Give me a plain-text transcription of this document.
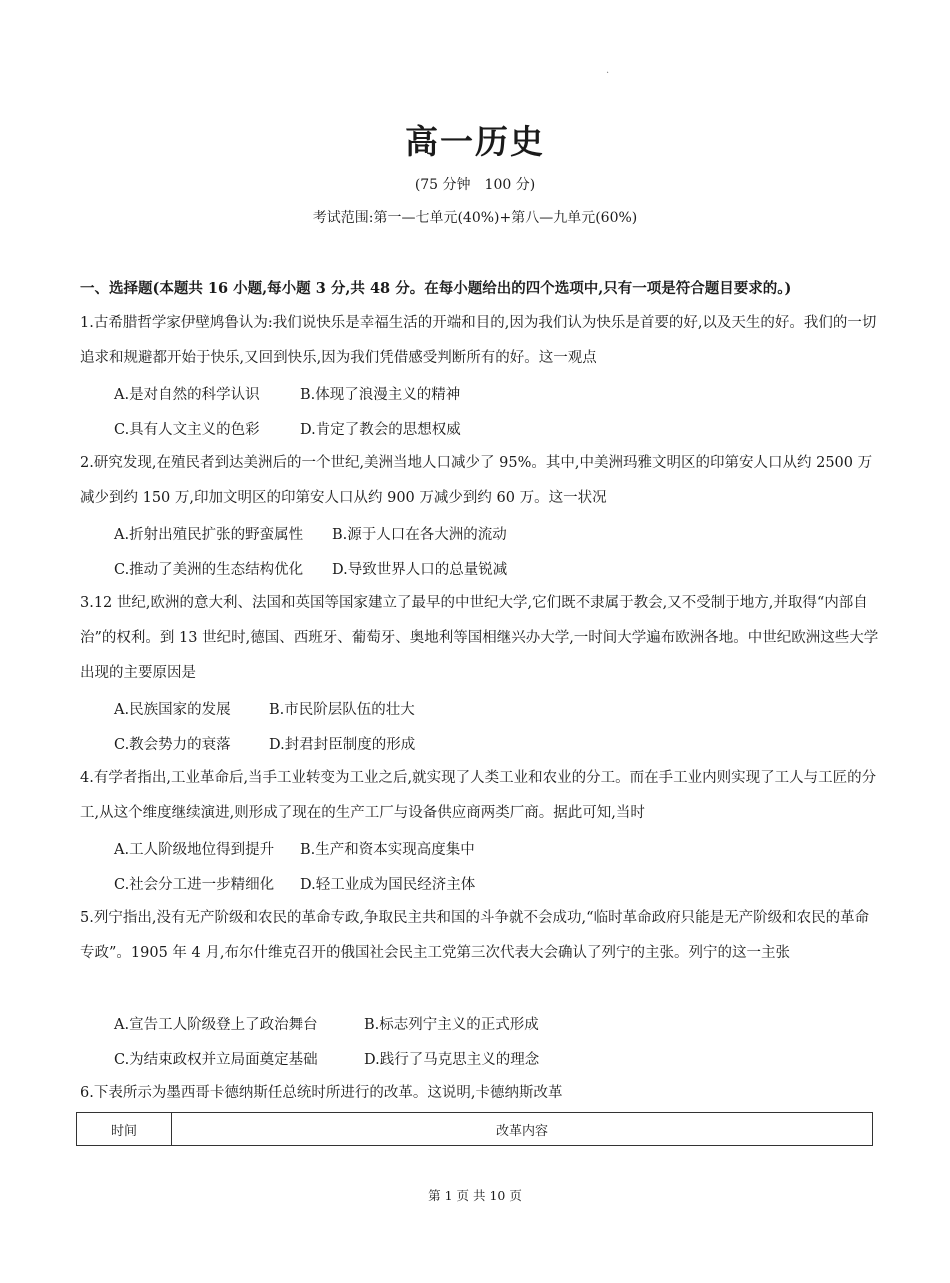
·
高一历史
(75 分钟　100 分)
考试范围:第一—七单元(40%)+第八—九单元(60%)
一、选择题(本题共 16 小题,每小题 3 分,共 48 分。在每小题给出的四个选项中,只有一项是符合题目要求的。)
1.古希腊哲学家伊壁鸠鲁认为:我们说快乐是幸福生活的开端和目的,因为我们认为快乐是首要的好,以及天生的好。我们的一切追求和规避都开始于快乐,又回到快乐,因为我们凭借感受判断所有的好。这一观点
A.是对自然的科学认识	B.体现了浪漫主义的精神
C.具有人文主义的色彩	D.肯定了教会的思想权威
2.研究发现,在殖民者到达美洲后的一个世纪,美洲当地人口减少了 95%。其中,中美洲玛雅文明区的印第安人口从约 2500 万减少到约 150 万,印加文明区的印第安人口从约 900 万减少到约 60 万。这一状况
A.折射出殖民扩张的野蛮属性 B.源于人口在各大洲的流动
C.推动了美洲的生态结构优化 D.导致世界人口的总量锐减
3.12 世纪,欧洲的意大利、法国和英国等国家建立了最早的中世纪大学,它们既不隶属于教会,又不受制于地方,并取得“内部自治”的权利。到 13 世纪时,德国、西班牙、葡萄牙、奥地利等国相继兴办大学,一时间大学遍布欧洲各地。中世纪欧洲这些大学出现的主要原因是
A.民族国家的发展	B.市民阶层队伍的壮大
C.教会势力的衰落	D.封君封臣制度的形成
4.有学者指出,工业革命后,当手工业转变为工业之后,就实现了人类工业和农业的分工。而在手工业内则实现了工人与工匠的分工,从这个维度继续演进,则形成了现在的生产工厂与设备供应商两类厂商。据此可知,当时
A.工人阶级地位得到提升 B.生产和资本实现高度集中
C.社会分工进一步精细化 D.轻工业成为国民经济主体
5.列宁指出,没有无产阶级和农民的革命专政,争取民主共和国的斗争就不会成功,“临时革命政府只能是无产阶级和农民的革命专政”。1905 年 4 月,布尔什维克召开的俄国社会民主工党第三次代表大会确认了列宁的主张。列宁的这一主张
A.宣告工人阶级登上了政治舞台	B.标志列宁主义的正式形成
C.为结束政权并立局面奠定基础	D.践行了马克思主义的理念
6.下表所示为墨西哥卡德纳斯任总统时所进行的改革。这说明,卡德纳斯改革
时间	改革内容
第 1 页 共 10 页
